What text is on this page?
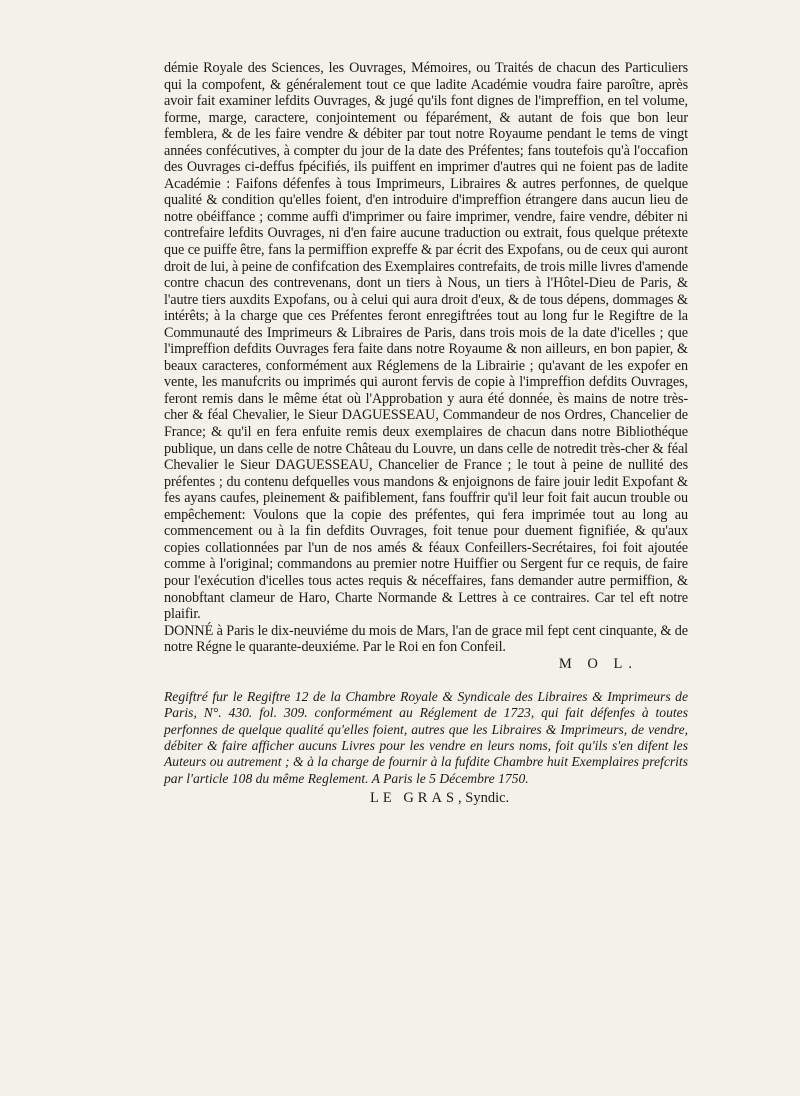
démie Royale des Sciences, les Ouvrages, Mémoires, ou Traités de chacun des Particuliers qui la compofent, & généralement tout ce que ladite Académie voudra faire paroître, après avoir fait examiner lefdits Ouvrages, & jugé qu'ils font dignes de l'impreffion, en tel volume, forme, marge, caractere, conjointement ou féparément, & autant de fois que bon leur femblera, & de les faire vendre & débiter par tout notre Royaume pendant le tems de vingt années confécutives, à compter du jour de la date des Préfentes; fans toutefois qu'à l'occafion des Ouvrages ci-deffus fpécifiés, ils puiffent en imprimer d'autres qui ne foient pas de ladite Académie : Faifons défenfes à tous Imprimeurs, Libraires & autres perfonnes, de quelque qualité & condition qu'elles foient, d'en introduire d'impreffion étrangere dans aucun lieu de notre obéiffance ; comme auffi d'imprimer ou faire imprimer, vendre, faire vendre, débiter ni contrefaire lefdits Ouvrages, ni d'en faire aucune traduction ou extrait, fous quelque prétexte que ce puiffe être, fans la permiffion expreffe & par écrit des Expofans, ou de ceux qui auront droit de lui, à peine de confifcation des Exemplaires contrefaits, de trois mille livres d'amende contre chacun des contrevenans, dont un tiers à Nous, un tiers à l'Hôtel-Dieu de Paris, & l'autre tiers auxdits Expofans, ou à celui qui aura droit d'eux, & de tous dépens, dommages & intérêts; à la charge que ces Préfentes feront enregiftrées tout au long fur le Regiftre de la Communauté des Imprimeurs & Libraires de Paris, dans trois mois de la date d'icelles ; que l'impreffion defdits Ouvrages fera faite dans notre Royaume & non ailleurs, en bon papier, & beaux caracteres, conformément aux Réglemens de la Librairie ; qu'avant de les expofer en vente, les manufcrits ou imprimés qui auront fervis de copie à l'impreffion defdits Ouvrages, feront remis dans le même état où l'Approbation y aura été donnée, ès mains de notre très-cher & féal Chevalier, le Sieur DAGUESSEAU, Commandeur de nos Ordres, Chancelier de France; & qu'il en fera enfuite remis deux exemplaires de chacun dans notre Bibliothéque publique, un dans celle de notre Château du Louvre, un dans celle de notredit très-cher & féal Chevalier le Sieur DAGUESSEAU, Chancelier de France ; le tout à peine de nullité des préfentes ; du contenu defquelles vous mandons & enjoignons de faire jouir ledit Expofant & fes ayans caufes, pleinement & paifiblement, fans fouffrir qu'il leur foit fait aucun trouble ou empêchement: Voulons que la copie des préfentes, qui fera imprimée tout au long au commencement ou à la fin defdits Ouvrages, foit tenue pour duement fignifiée, & qu'aux copies collationnées par l'un de nos amés & féaux Confeillers-Secrétaires, foi foit ajoutée comme à l'original; commandons au premier notre Huiffier ou Sergent fur ce requis, de faire pour l'exécution d'icelles tous actes requis & néceffaires, fans demander autre permiffion, & nonobftant clameur de Haro, Charte Normande & Lettres à ce contraires. Car tel eft notre plaifir.

DONNÉ à Paris le dix-neuviéme du mois de Mars, l'an de grace mil fept cent cinquante, & de notre Régne le quarante-deuxiéme. Par le Roi en fon Confeil.

M O L.
Regiftré fur le Regiftre 12 de la Chambre Royale & Syndicale des Libraires & Imprimeurs de Paris, N°. 430. fol. 309. conformément au Réglement de 1723, qui fait défenfes à toutes perfonnes de quelque qualité qu'elles foient, autres que les Libraires & Imprimeurs, de vendre, débiter & faire afficher aucuns Livres pour les vendre en leurs noms, foit qu'ils s'en difent les Auteurs ou autrement ; & à la charge de fournir à la fufdite Chambre huit Exemplaires prefcrits par l'article 108 du même Reglement. A Paris le 5 Décembre 1750.
LE GRAS, Syndic.
